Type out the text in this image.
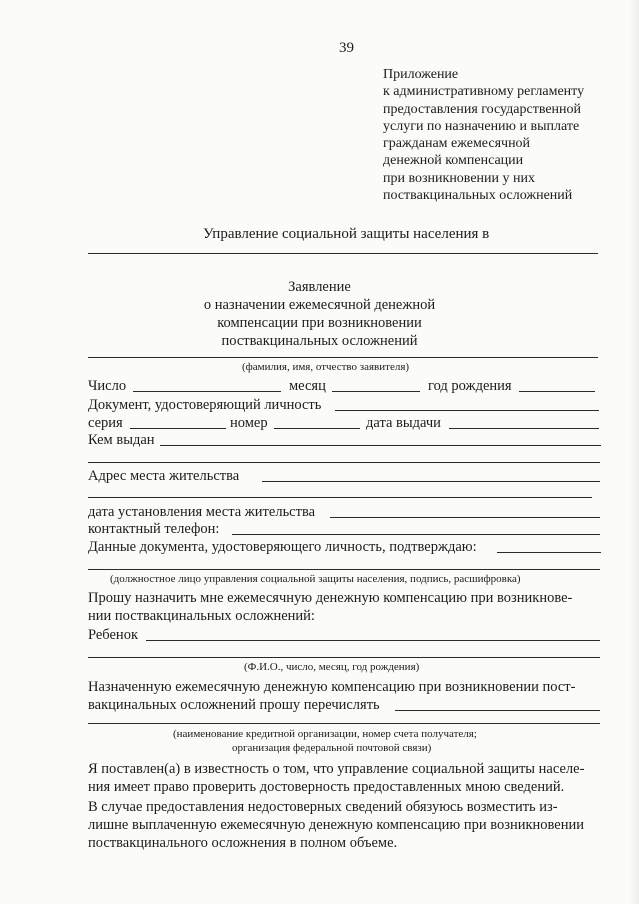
39
Приложение
к административному регламенту
предоставления государственной
услуги по назначению и выплате
гражданам ежемесячной
денежной компенсации
при возникновении у них
поствакцинальных осложнений
Управление социальной защиты населения в
Заявление
о назначении ежемесячной денежной
компенсации при возникновении
поствакцинальных осложнений
(фамилия, имя, отчество заявителя)
Число	месяц	год рождения
Документ, удостоверяющий личность
серия	номер	дата выдачи
Кем выдан
Адрес места жительства
дата установления места жительства
контактный телефон:
Данные документа, удостоверяющего личность, подтверждаю:
(должностное лицо управления социальной защиты населения, подпись, расшифровка)
Прошу назначить мне ежемесячную денежную компенсацию при возникнове-
нии поствакцинальных осложнений:
Ребенок
(Ф.И.О., число, месяц, год рождения)
Назначенную ежемесячную денежную компенсацию при возникновении пост-
вакцинальных осложнений прошу перечислять
(наименование кредитной организации, номер счета получателя;
организация федеральной почтовой связи)
Я поставлен(а) в известность о том, что управление социальной защиты населе-
ния имеет право проверить достоверность предоставленных мною сведений.
В случае предоставления недостоверных сведений обязуюсь возместить из-
лишне выплаченную ежемесячную денежную компенсацию при возникновении
поствакцинального осложнения в полном объеме.
